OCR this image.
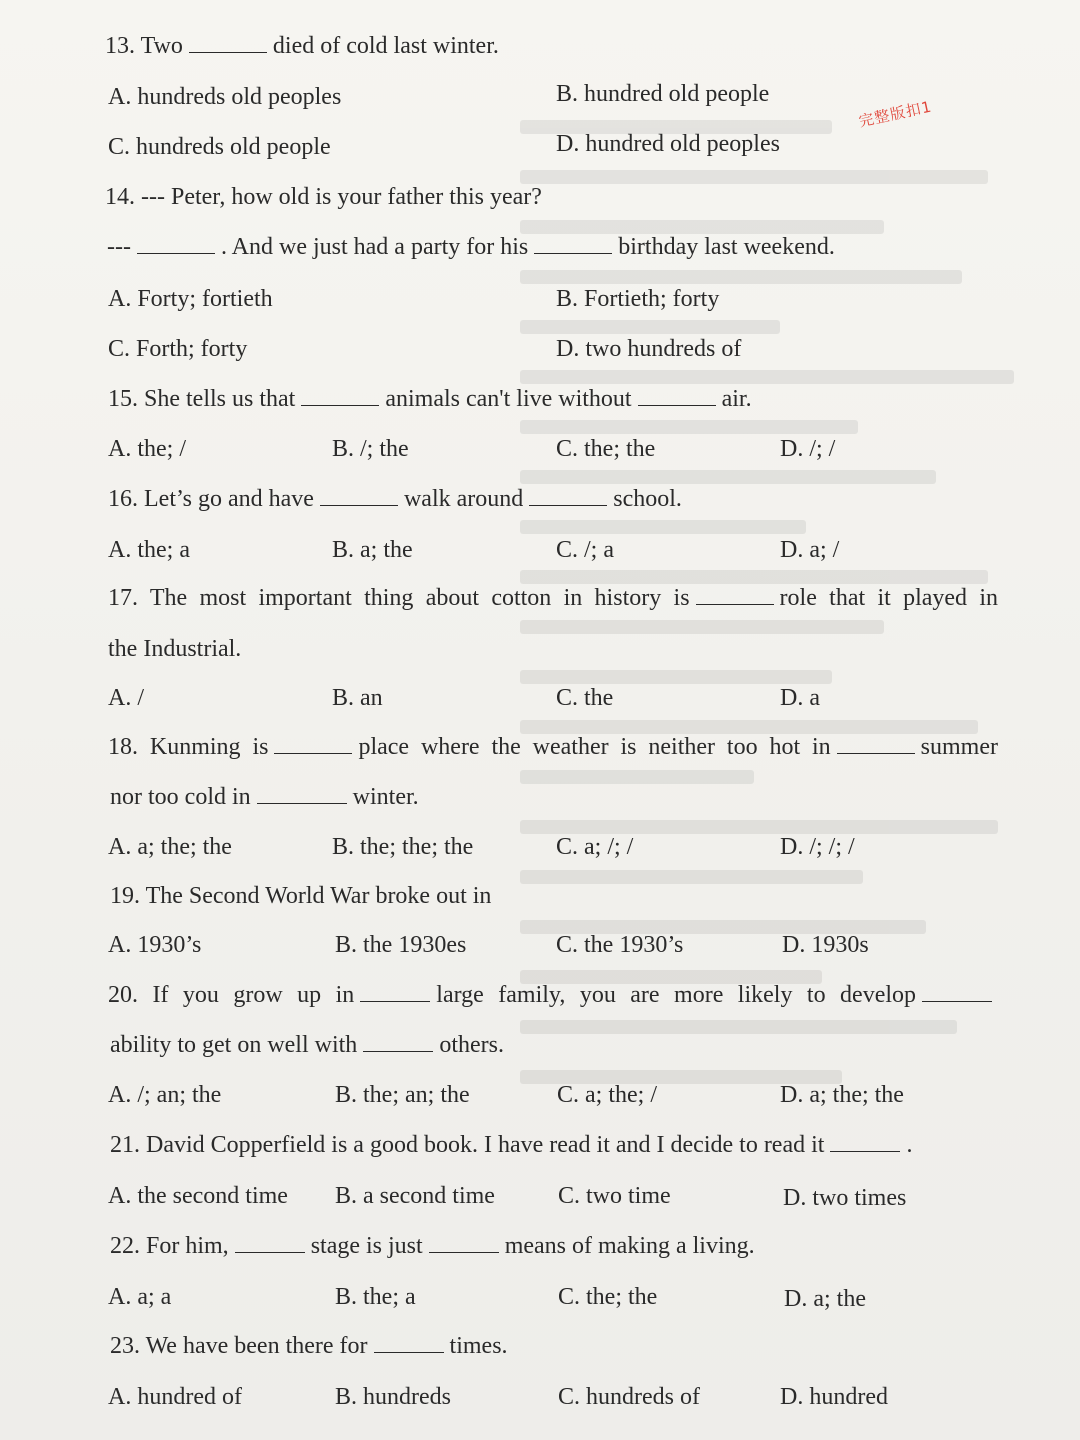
完整版扣1
13. Two	died of cold last winter.
A. hundreds old peoples	B. hundred old people
C. hundreds old people	D. hundred old peoples
14. --- Peter, how old is your father this year?
---	. And we just had a party for his	birthday last weekend.
A. Forty; fortieth	B. Fortieth; forty
C. Forth; forty	D. two hundreds of
15. She tells us that	animals can't live without	air.
A. the; /	B. /; the	C. the; the	D. /; /
16. Let’s go and have	walk around	school.
A. the; a	B. a; the	C. /; a	D. a; /
17. The most important thing about cotton in history is	role that it played in
the Industrial.
A. /	B. an	C. the	D. a
18. Kunming is	place where the weather is neither too hot in	summer
nor too cold in	winter.
A. a; the; the	B. the; the; the	C. a; /; /	D. /; /; /
19. The Second World War broke out in
A. 1930’s	B. the 1930es	C. the 1930’s	D. 1930s
20. If you grow up in	large family, you are more likely to develop
ability to get on well with	others.
A. /; an; the	B. the; an; the	C. a; the; /	D. a; the; the
21. David Copperfield is a good book. I have read it and I decide to read it	.
A. the second time B. a second time	C. two time	D. two times
22. For him,	stage is just	means of making a living.
A. a; a	B. the; a	C. the; the	D. a; the
23. We have been there for	times.
A. hundred of	B. hundreds	C. hundreds of	D. hundred
